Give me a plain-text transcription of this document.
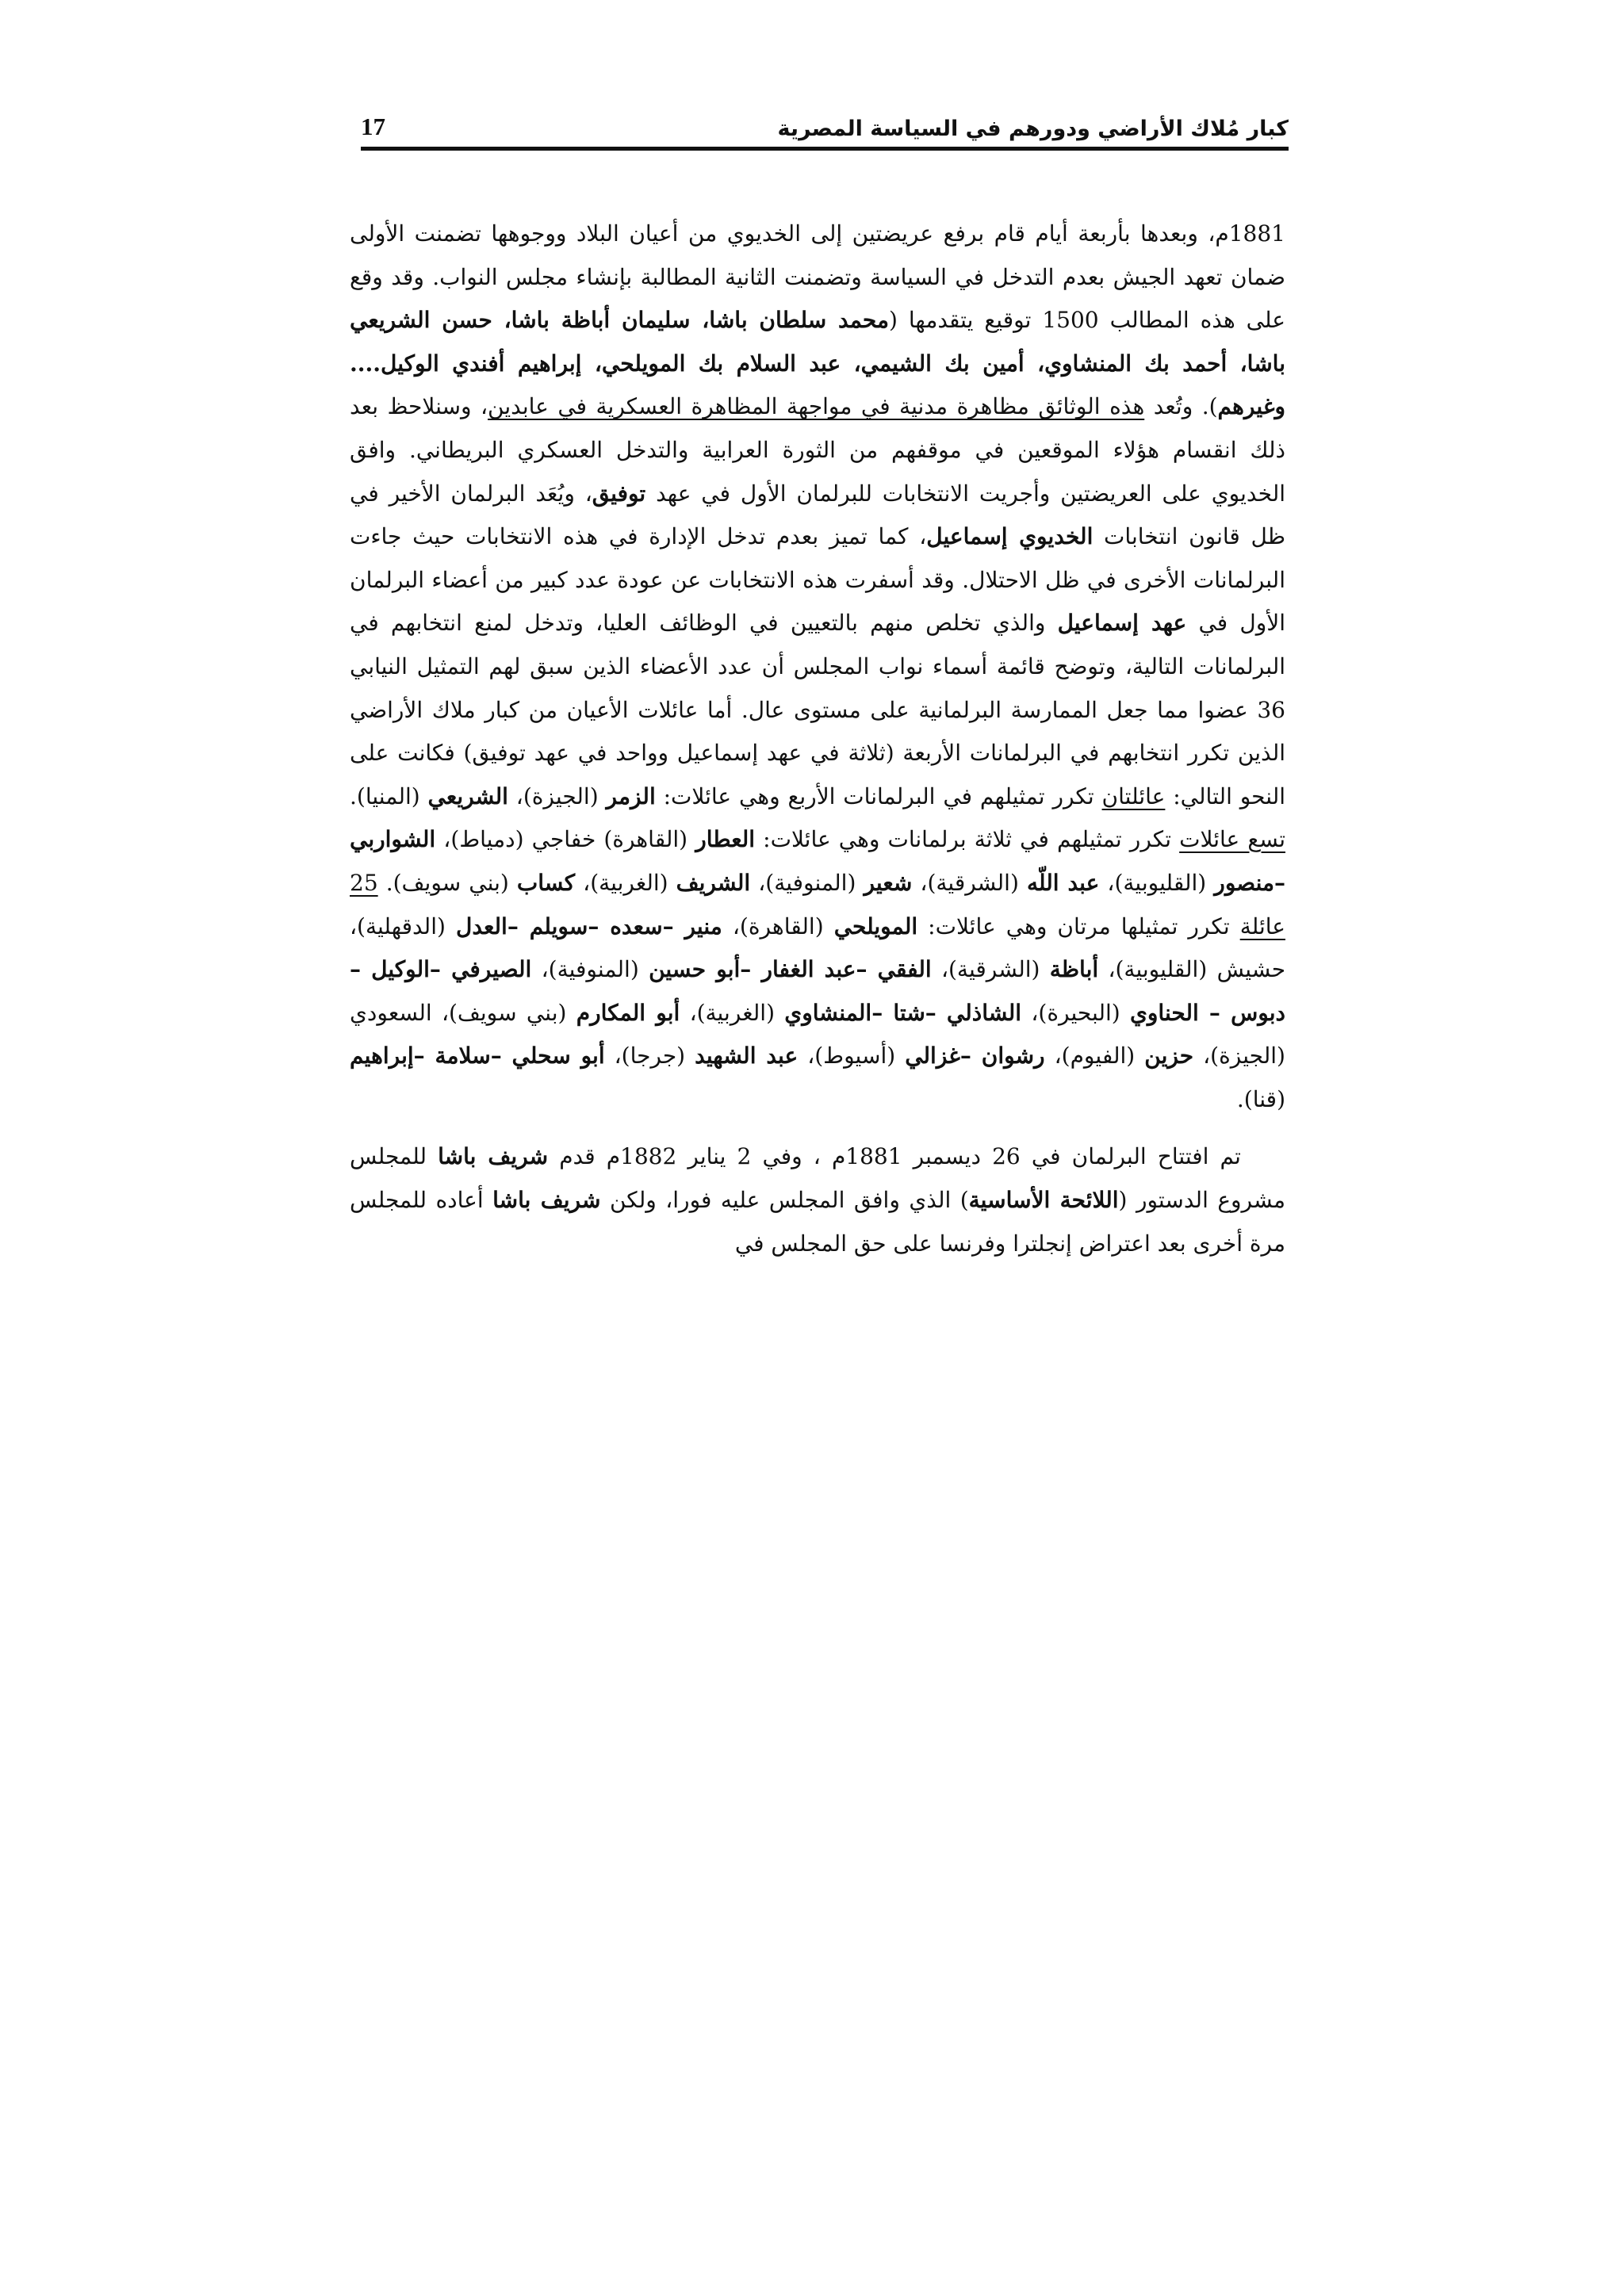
كبار مُلاك الأراضي ودورهم في السياسة المصرية
17

1881م، وبعدها بأربعة أيام قام برفع عريضتين إلى الخديوي من أعيان البلاد ووجوهها تضمنت الأولى ضمان تعهد الجيش بعدم التدخل في السياسة وتضمنت الثانية المطالبة بإنشاء مجلس النواب. وقد وقع على هذه المطالب 1500 توقيع يتقدمها (محمد سلطان باشا، سليمان أباظة باشا، حسن الشريعي باشا، أحمد بك المنشاوي، أمين بك الشيمي، عبد السلام بك المويلحي، إبراهيم أفندي الوكيل.... وغيرهم). وتُعد هذه الوثائق مظاهرة مدنية في مواجهة المظاهرة العسكرية في عابدين، وسنلاحظ بعد ذلك انقسام هؤلاء الموقعين في موقفهم من الثورة العرابية والتدخل العسكري البريطاني. وافق الخديوي على العريضتين وأجريت الانتخابات للبرلمان الأول في عهد توفيق، ويُعَد البرلمان الأخير في ظل قانون انتخابات الخديوي إسماعيل، كما تميز بعدم تدخل الإدارة في هذه الانتخابات حيث جاءت البرلمانات الأخرى في ظل الاحتلال. وقد أسفرت هذه الانتخابات عن عودة عدد كبير من أعضاء البرلمان الأول في عهد إسماعيل والذي تخلص منهم بالتعيين في الوظائف العليا، وتدخل لمنع انتخابهم في البرلمانات التالية، وتوضح قائمة أسماء نواب المجلس أن عدد الأعضاء الذين سبق لهم التمثيل النيابي 36 عضوا مما جعل الممارسة البرلمانية على مستوى عال. أما عائلات الأعيان من كبار ملاك الأراضي الذين تكرر انتخابهم في البرلمانات الأربعة (ثلاثة في عهد إسماعيل وواحد في عهد توفيق) فكانت على النحو التالي: عائلتان تكرر تمثيلهم في البرلمانات الأربع وهي عائلات: الزمر (الجيزة)، الشريعي (المنيا). تسع عائلات تكرر تمثيلهم في ثلاثة برلمانات وهي عائلات: العطار (القاهرة) خفاجي (دمياط)، الشواربي –منصور (القليوبية)، عبد اللّه (الشرقية)، شعير (المنوفية)، الشريف (الغربية)، كساب (بني سويف). 25 عائلة تكرر تمثيلها مرتان وهي عائلات: المويلحي (القاهرة)، منير –سعده –سويلم –العدل (الدقهلية)، حشيش (القليوبية)، أباظة (الشرقية)، الفقي –عبد الغفار –أبو حسين (المنوفية)، الصيرفي –الوكيل –دبوس – الحناوي (البحيرة)، الشاذلي –شتا –المنشاوي (الغربية)، أبو المكارم (بني سويف)، السعودي (الجيزة)، حزين (الفيوم)، رشوان –غزالي (أسيوط)، عبد الشهيد (جرجا)، أبو سحلي –سلامة –إبراهيم (قنا).

تم افتتاح البرلمان في 26 ديسمبر 1881م ، وفي 2 يناير 1882م قدم شريف باشا للمجلس مشروع الدستور (اللائحة الأساسية) الذي وافق المجلس عليه فورا، ولكن شريف باشا أعاده للمجلس مرة أخرى بعد اعتراض إنجلترا وفرنسا على حق المجلس في
